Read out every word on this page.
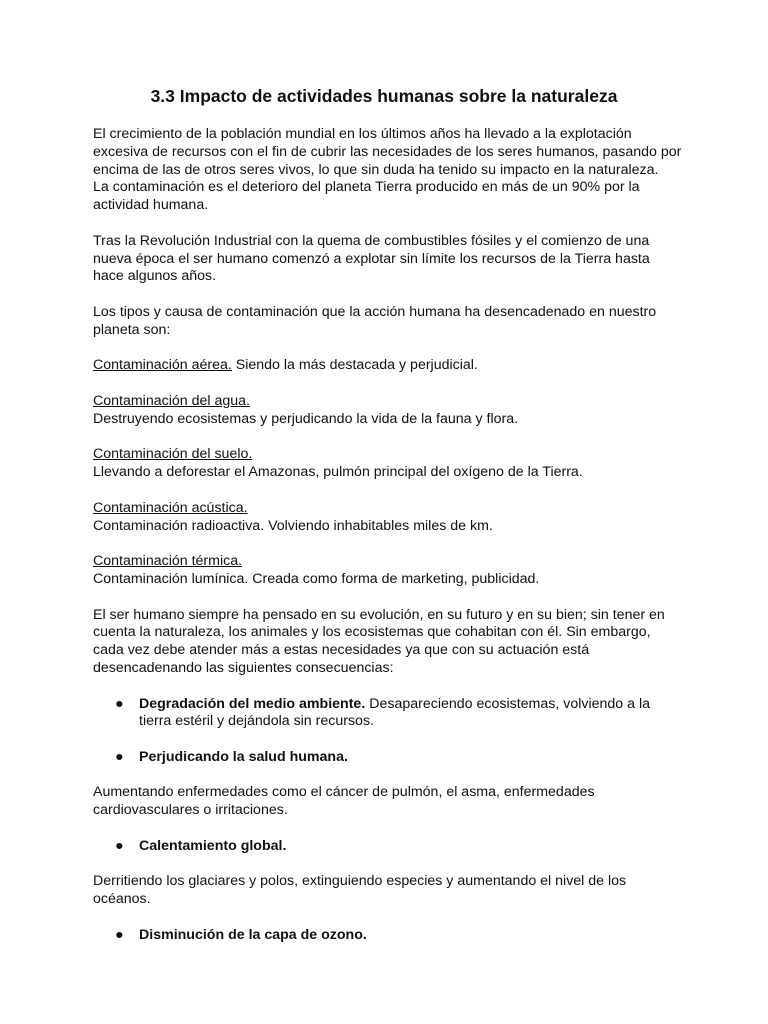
3.3 Impacto de actividades humanas sobre la naturaleza

El crecimiento de la población mundial en los últimos años ha llevado a la explotación excesiva de recursos con el fin de cubrir las necesidades de los seres humanos, pasando por encima de las de otros seres vivos, lo que sin duda ha tenido su impacto en la naturaleza.
La contaminación es el deterioro del planeta Tierra producido en más de un 90% por la actividad humana.

Tras la Revolución Industrial con la quema de combustibles fósiles y el comienzo de una nueva época el ser humano comenzó a explotar sin límite los recursos de la Tierra hasta hace algunos años.

Los tipos y causa de contaminación que la acción humana ha desencadenado en nuestro planeta son:

Contaminación aérea. Siendo la más destacada y perjudicial.

Contaminación del agua.
Destruyendo ecosistemas y perjudicando la vida de la fauna y flora.

Contaminación del suelo.
Llevando a deforestar el Amazonas, pulmón principal del oxígeno de la Tierra.

Contaminación acústica.
Contaminación radioactiva. Volviendo inhabitables miles de km.

Contaminación térmica.
Contaminación lumínica. Creada como forma de marketing, publicidad.

El ser humano siempre ha pensado en su evolución, en su futuro y en su bien; sin tener en cuenta la naturaleza, los animales y los ecosistemas que cohabitan con él. Sin embargo, cada vez debe atender más a estas necesidades ya que con su actuación está desencadenando las siguientes consecuencias:

● Degradación del medio ambiente. Desapareciendo ecosistemas, volviendo a la tierra estéril y dejándola sin recursos.
● Perjudicando la salud humana.

Aumentando enfermedades como el cáncer de pulmón, el asma, enfermedades cardiovasculares o irritaciones.

● Calentamiento global.

Derritiendo los glaciares y polos, extinguiendo especies y aumentando el nivel de los océanos.

● Disminución de la capa de ozono.
